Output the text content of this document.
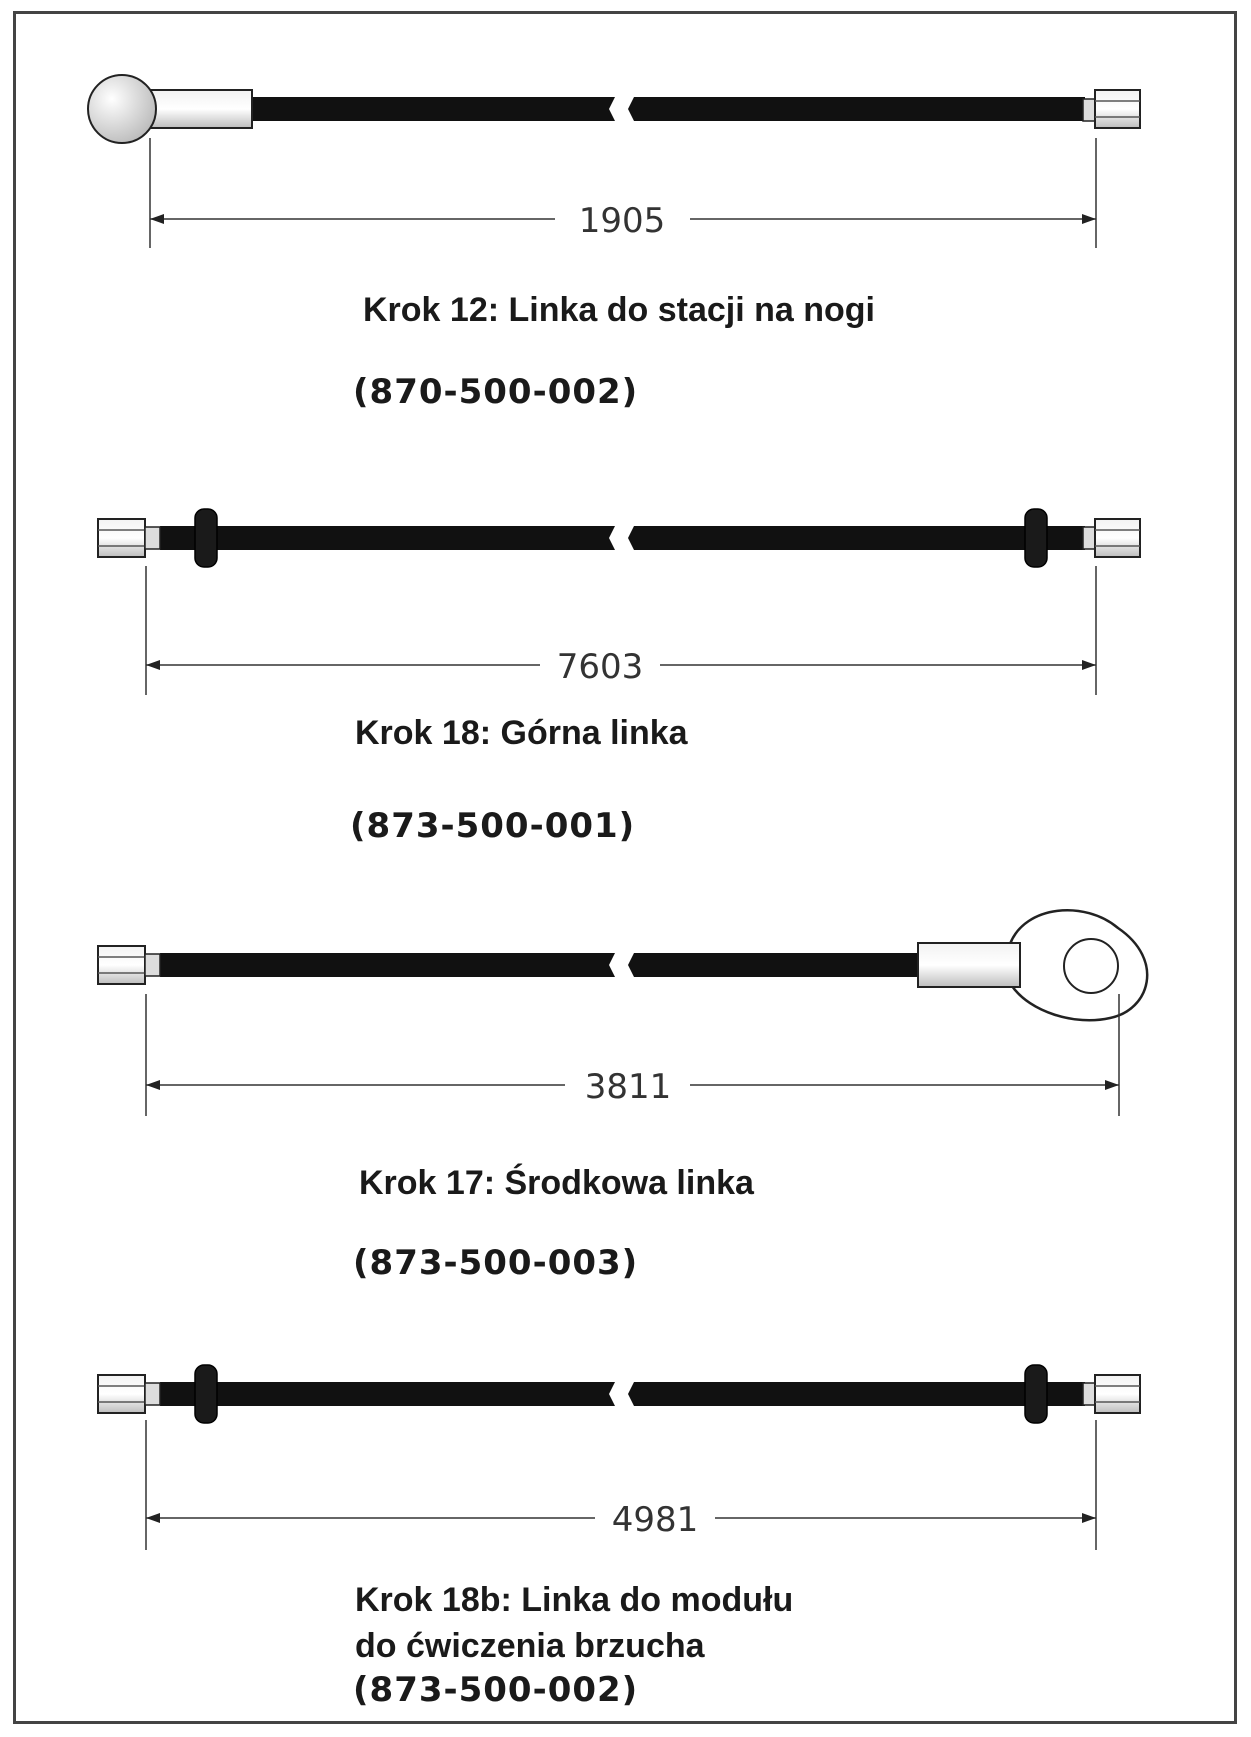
1905
7603
3811
4981
Krok 12: Linka do stacji na nogi
(870-500-002)
Krok 18: Górna linka
(873-500-001)
Krok 17: Środkowa linka
(873-500-003)
Krok 18b: Linka do modułu
do ćwiczenia brzucha
(873-500-002)
